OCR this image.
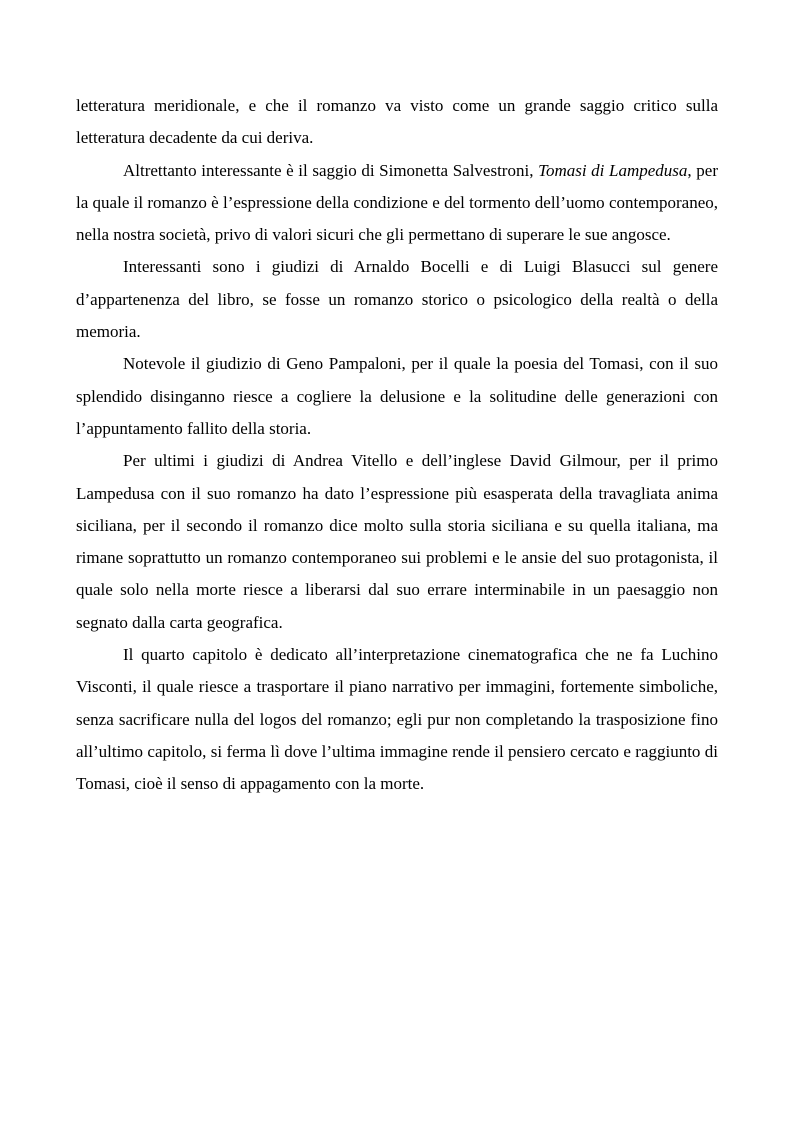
letteratura meridionale, e che il romanzo va visto come un grande saggio critico sulla letteratura decadente da cui deriva.

Altrettanto interessante è il saggio di Simonetta Salvestroni, Tomasi di Lampedusa, per la quale il romanzo è l’espressione della condizione e del tormento dell’uomo contemporaneo, nella nostra società, privo di valori sicuri che gli permettano di superare le sue angosce.

Interessanti sono i giudizi di Arnaldo Bocelli e di Luigi Blasucci sul genere d’appartenenza del libro, se fosse un romanzo storico o psicologico della realtà o della memoria.

Notevole il giudizio di Geno Pampaloni, per il quale la poesia del Tomasi, con il suo splendido disinganno riesce a cogliere la delusione e la solitudine delle generazioni con l’appuntamento fallito della storia.

Per ultimi i giudizi di Andrea Vitello e dell’inglese David Gilmour, per il primo Lampedusa con il suo romanzo ha dato l’espressione più esasperata della travagliata anima siciliana, per il secondo il romanzo dice molto sulla storia siciliana e su quella italiana, ma rimane soprattutto un romanzo contemporaneo sui problemi e le ansie del suo protagonista, il quale solo nella morte riesce a liberarsi dal suo errare interminabile in un paesaggio non segnato dalla carta geografica.

Il quarto capitolo è dedicato all’interpretazione cinematografica che ne fa Luchino Visconti, il quale riesce a trasportare il piano narrativo per immagini, fortemente simboliche, senza sacrificare nulla del logos del romanzo; egli pur non completando la trasposizione fino all’ultimo capitolo, si ferma lì dove l’ultima immagine rende il pensiero cercato e raggiunto di Tomasi, cioè il senso di appagamento con la morte.
